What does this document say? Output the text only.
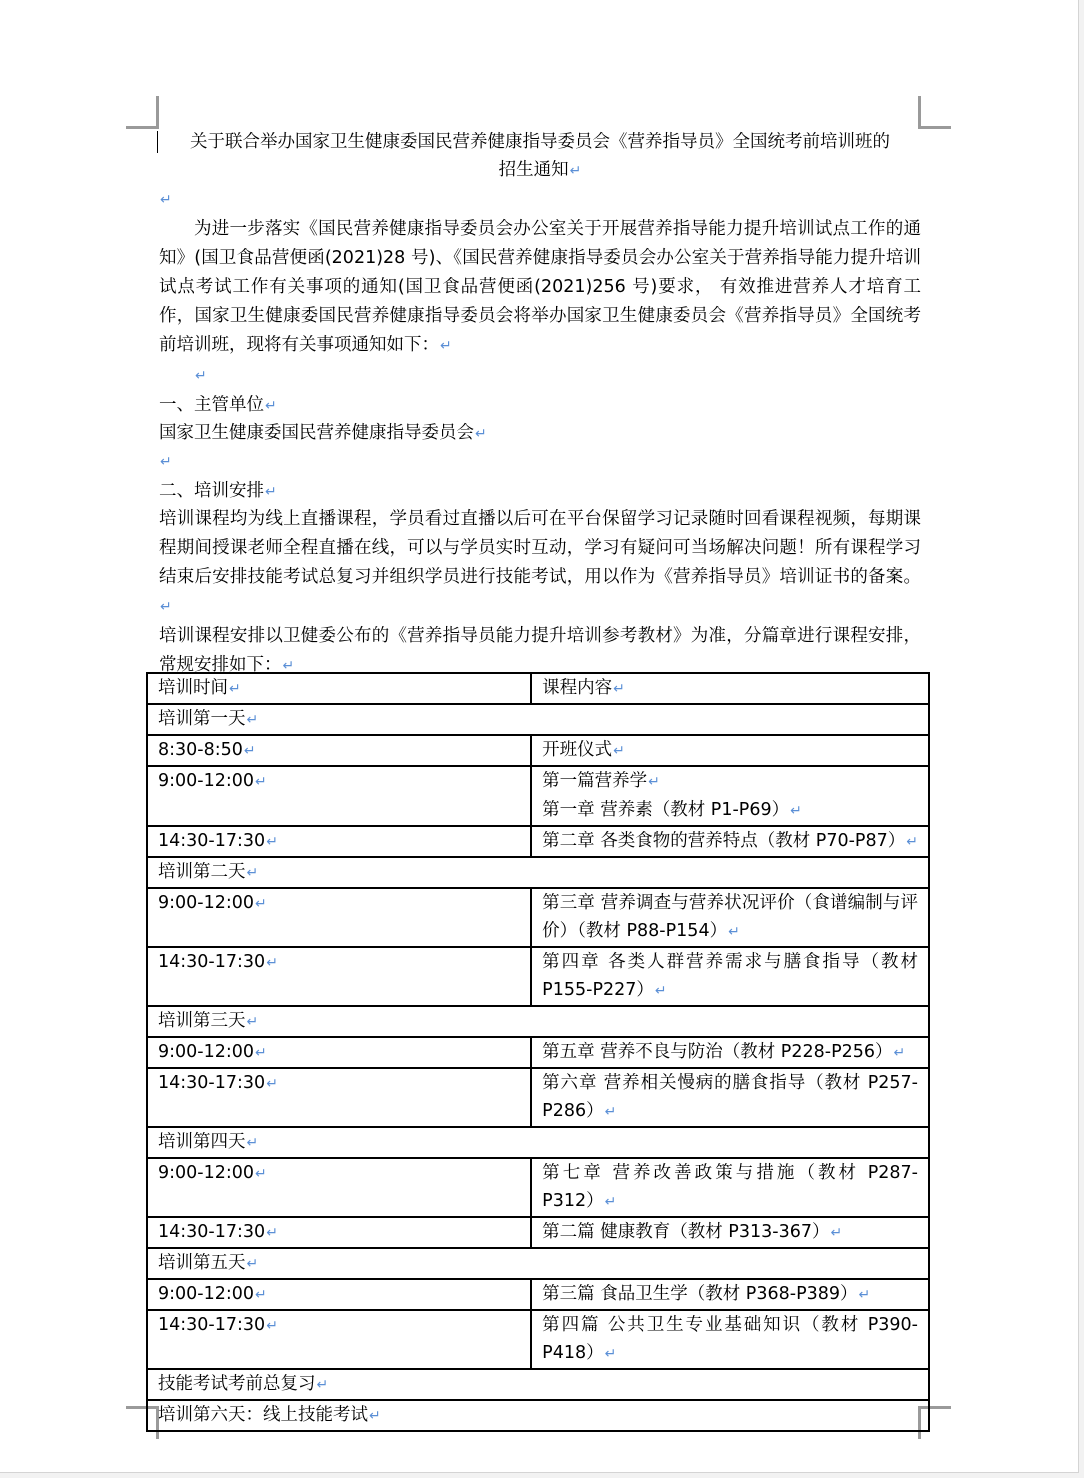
关于联合举办国家卫生健康委国民营养健康指导委员会《营养指导员》全国统考前培训班的
招生通知↵
↵
为进一步落实《国民营养健康指导委员会办公室关于开展营养指导能力提升培训试点工作的通知》(国卫食品营便函(2021)28 号)、《国民营养健康指导委员会办公室关于营养指导能力提升培训试点考试工作有关事项的通知(国卫食品营便函(2021)256 号)要求， 有效推进营养人才培育工作，国家卫生健康委国民营养健康指导委员会将举办国家卫生健康委员会《营养指导员》全国统考前培训班，现将有关事项通知如下：↵
↵
一、主管单位↵
国家卫生健康委国民营养健康指导委员会↵
↵
二、培训安排↵
培训课程均为线上直播课程，学员看过直播以后可在平台保留学习记录随时回看课程视频，每期课程期间授课老师全程直播在线，可以与学员实时互动，学习有疑问可当场解决问题！所有课程学习结束后安排技能考试总复习并组织学员进行技能考试，用以作为《营养指导员》培训证书的备案。↵
培训课程安排以卫健委公布的《营养指导员能力提升培训参考教材》为准，分篇章进行课程安排，常规安排如下：↵
培训时间↵	课程内容↵
培训第一天↵	
8:30-8:50↵	开班仪式↵
9:00-12:00↵	第一篇营养学↵
第一章 营养素（教材 P1-P69）↵

14:30-17:30↵	第二章 各类食物的营养特点（教材 P70-P87）↵
培训第二天↵	
9:00-12:00↵	第三章 营养调查与营养状况评价（食谱编制与评价）（教材 P88-P154）↵
14:30-17:30↵	第四章 各类人群营养需求与膳食指导（教材 P155-P227）↵
培训第三天↵	
9:00-12:00↵	第五章 营养不良与防治（教材 P228-P256）↵
14:30-17:30↵	第六章 营养相关慢病的膳食指导（教材 P257-P286）↵
培训第四天↵	
9:00-12:00↵	第七章 营养改善政策与措施（教材 P287-P312）↵
14:30-17:30↵	第二篇 健康教育（教材 P313-367）↵
培训第五天↵	
9:00-12:00↵	第三篇 食品卫生学（教材 P368-P389）↵
14:30-17:30↵	第四篇 公共卫生专业基础知识（教材 P390-P418）↵
技能考试考前总复习↵	
培训第六天：线上技能考试↵	
